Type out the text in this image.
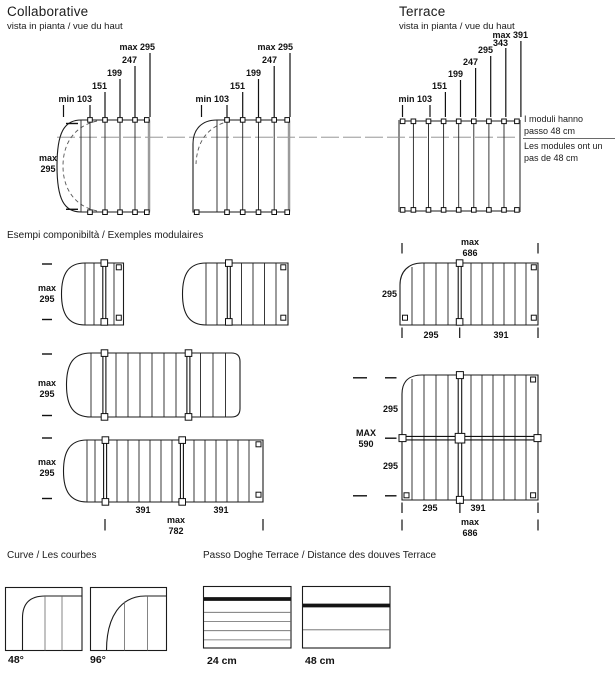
Collaborative
vista in pianta / vue du haut
Terrace
vista in pianta / vue du haut
min 103
151
199
247
max 295
min 103
151
199
247
max 295
min 103
151
199
247
295
343
max 391
max
295
I moduli hanno passo 48 cm
Les modules ont un pas de 48 cm
Esempi componibiltà / Exemples modulaires
max
295
max
295
max
295
391	391
max
782
max
686
295
295	391
MAX
590
295
295
295	391
max
686
Curve / Les courbes
48°	96°
Passo Doghe Terrace / Distance des douves Terrace
24 cm	48 cm
